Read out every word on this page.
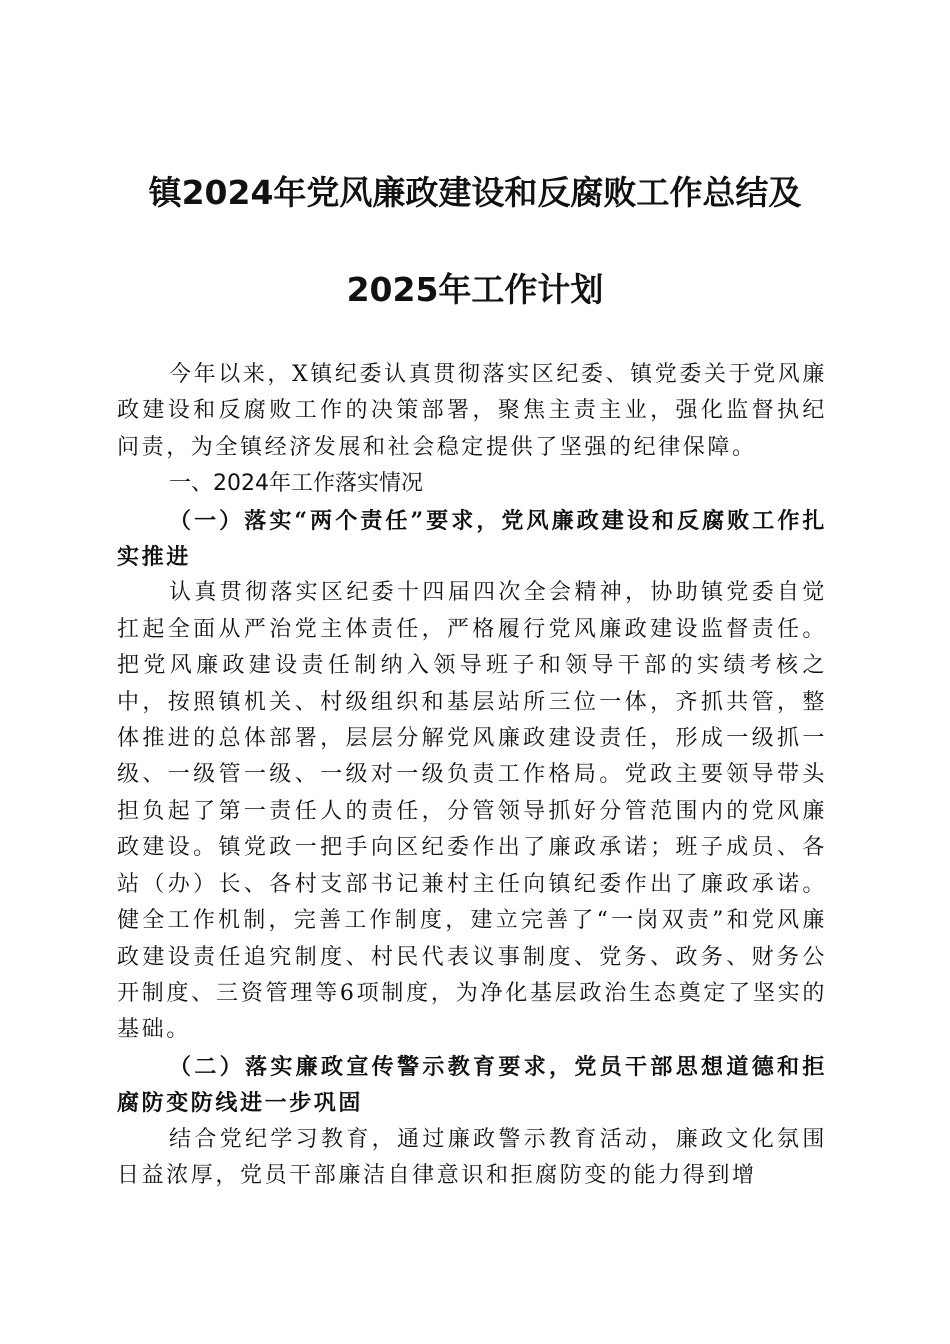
镇2024年党风廉政建设和反腐败工作总结及
2025年工作计划

今年以来，X镇纪委认真贯彻落实区纪委、镇党委关于党风廉政建设和反腐败工作的决策部署，聚焦主责主业，强化监督执纪问责，为全镇经济发展和社会稳定提供了坚强的纪律保障。

一、2024年工作落实情况

（一）落实“两个责任”要求，党风廉政建设和反腐败工作扎实推进

认真贯彻落实区纪委十四届四次全会精神，协助镇党委自觉扛起全面从严治党主体责任，严格履行党风廉政建设监督责任。把党风廉政建设责任制纳入领导班子和领导干部的实绩考核之中，按照镇机关、村级组织和基层站所三位一体，齐抓共管，整体推进的总体部署，层层分解党风廉政建设责任，形成一级抓一级、一级管一级、一级对一级负责工作格局。党政主要领导带头担负起了第一责任人的责任，分管领导抓好分管范围内的党风廉政建设。镇党政一把手向区纪委作出了廉政承诺；班子成员、各站（办）长、各村支部书记兼村主任向镇纪委作出了廉政承诺。健全工作机制，完善工作制度，建立完善了“一岗双责”和党风廉政建设责任追究制度、村民代表议事制度、党务、政务、财务公开制度、三资管理等6项制度，为净化基层政治生态奠定了坚实的基础。

（二）落实廉政宣传警示教育要求，党员干部思想道德和拒腐防变防线进一步巩固

结合党纪学习教育，通过廉政警示教育活动，廉政文化氛围日益浓厚，党员干部廉洁自律意识和拒腐防变的能力得到增
